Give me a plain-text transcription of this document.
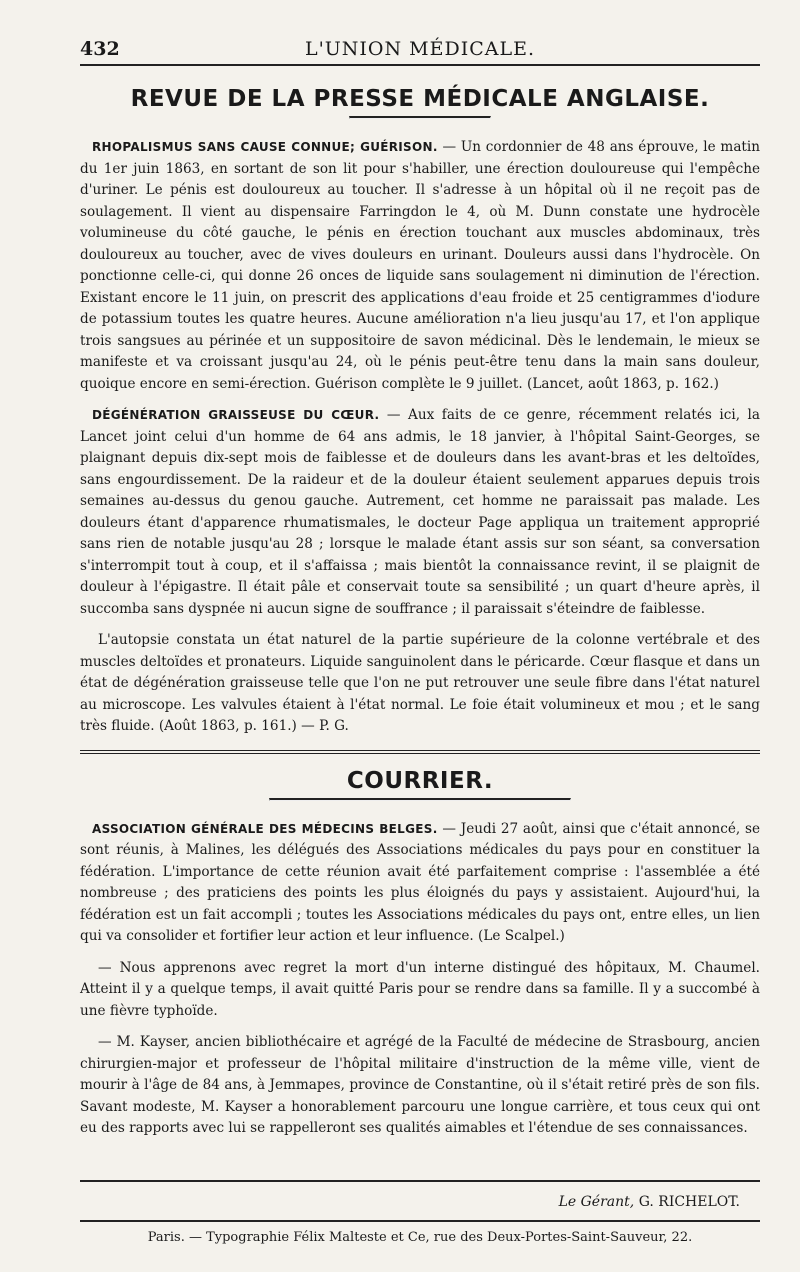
432	L'UNION MÉDICALE.
REVUE DE LA PRESSE MÉDICALE ANGLAISE.

RHOPALISMUS SANS CAUSE CONNUE; GUÉRISON. — Un cordonnier de 48 ans éprouve, le matin du 1er juin 1863, en sortant de son lit pour s'habiller, une érection douloureuse qui l'empêche d'uriner. Le pénis est douloureux au toucher. Il s'adresse à un hôpital où il ne reçoit pas de soulagement. Il vient au dispensaire Farringdon le 4, où M. Dunn constate une hydrocèle volumineuse du côté gauche, le pénis en érection touchant aux muscles abdominaux, très douloureux au toucher, avec de vives douleurs en urinant. Douleurs aussi dans l'hydrocèle. On ponctionne celle-ci, qui donne 26 onces de liquide sans soulagement ni diminution de l'érection. Existant encore le 11 juin, on prescrit des applications d'eau froide et 25 centigrammes d'iodure de potassium toutes les quatre heures. Aucune amélioration n'a lieu jusqu'au 17, et l'on applique trois sangsues au périnée et un suppositoire de savon médicinal. Dès le lendemain, le mieux se manifeste et va croissant jusqu'au 24, où le pénis peut-être tenu dans la main sans douleur, quoique encore en semi-érection. Guérison complète le 9 juillet. (Lancet, août 1863, p. 162.)

DÉGÉNÉRATION GRAISSEUSE DU CŒUR. — Aux faits de ce genre, récemment relatés ici, la Lancet joint celui d'un homme de 64 ans admis, le 18 janvier, à l'hôpital Saint-Georges, se plaignant depuis dix-sept mois de faiblesse et de douleurs dans les avant-bras et les deltoïdes, sans engourdissement. De la raideur et de la douleur étaient seulement apparues depuis trois semaines au-dessus du genou gauche. Autrement, cet homme ne paraissait pas malade. Les douleurs étant d'apparence rhumatismales, le docteur Page appliqua un traitement approprié sans rien de notable jusqu'au 28 ; lorsque le malade étant assis sur son séant, sa conversation s'interrompit tout à coup, et il s'affaissa ; mais bientôt la connaissance revint, il se plaignit de douleur à l'épigastre. Il était pâle et conservait toute sa sensibilité ; un quart d'heure après, il succomba sans dyspnée ni aucun signe de souffrance ; il paraissait s'éteindre de faiblesse.

L'autopsie constata un état naturel de la partie supérieure de la colonne vertébrale et des muscles deltoïdes et pronateurs. Liquide sanguinolent dans le péricarde. Cœur flasque et dans un état de dégénération graisseuse telle que l'on ne put retrouver une seule fibre dans l'état naturel au microscope. Les valvules étaient à l'état normal. Le foie était volumineux et mou ; et le sang très fluide. (Août 1863, p. 161.) — P. G.

COURRIER.

ASSOCIATION GÉNÉRALE DES MÉDECINS BELGES. — Jeudi 27 août, ainsi que c'était annoncé, se sont réunis, à Malines, les délégués des Associations médicales du pays pour en constituer la fédération. L'importance de cette réunion avait été parfaitement comprise : l'assemblée a été nombreuse ; des praticiens des points les plus éloignés du pays y assistaient. Aujourd'hui, la fédération est un fait accompli ; toutes les Associations médicales du pays ont, entre elles, un lien qui va consolider et fortifier leur action et leur influence. (Le Scalpel.)

— Nous apprenons avec regret la mort d'un interne distingué des hôpitaux, M. Chaumel. Atteint il y a quelque temps, il avait quitté Paris pour se rendre dans sa famille. Il y a succombé à une fièvre typhoïde.

— M. Kayser, ancien bibliothécaire et agrégé de la Faculté de médecine de Strasbourg, ancien chirurgien-major et professeur de l'hôpital militaire d'instruction de la même ville, vient de mourir à l'âge de 84 ans, à Jemmapes, province de Constantine, où il s'était retiré près de son fils. Savant modeste, M. Kayser a honorablement parcouru une longue carrière, et tous ceux qui ont eu des rapports avec lui se rappelleront ses qualités aimables et l'étendue de ses connaissances.

Le Gérant, G. RICHELOT.
Paris. — Typographie Félix Malteste et Ce, rue des Deux-Portes-Saint-Sauveur, 22.
